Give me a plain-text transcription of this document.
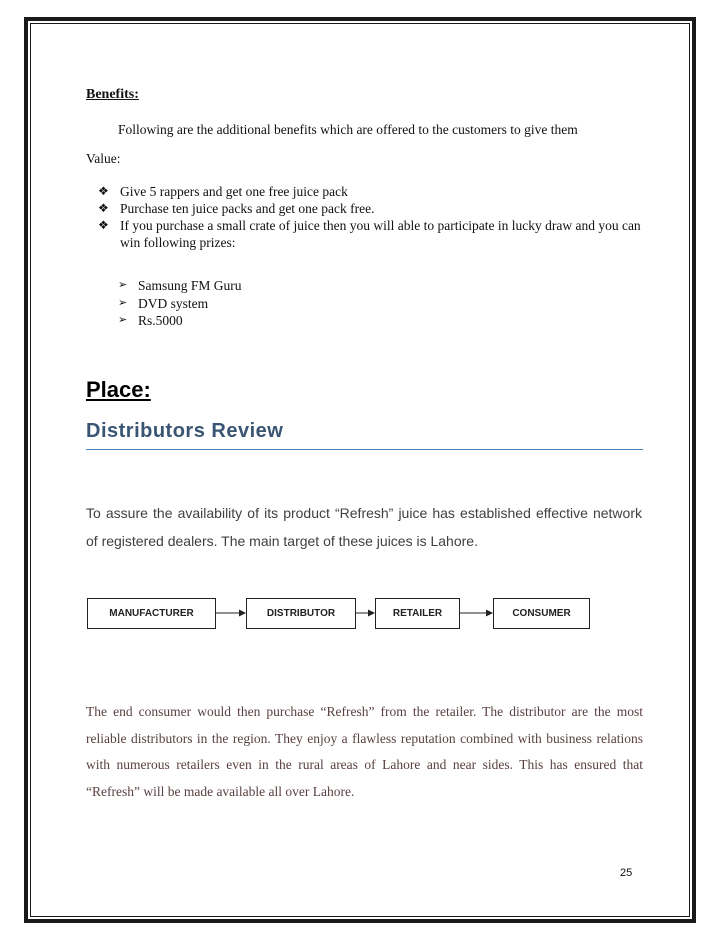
Benefits:
Following are the additional benefits which are offered to the customers to give them
Value:
❖ Give 5 rappers and get one free juice pack
❖ Purchase ten juice packs and get one pack free.
❖ If you purchase a small crate of juice then you will able to participate in lucky draw and you can win following prizes:
➢ Samsung FM Guru
➢ DVD system
➢ Rs.5000
Place:
Distributors Review
To assure the availability of its product “Refresh” juice has established effective network of registered dealers. The main target of these juices is Lahore.
MANUFACTURER	DISTRIBUTOR	RETAILER	CONSUMER
The end consumer would then purchase “Refresh” from the retailer. The distributor are the most reliable distributors in the region. They enjoy a flawless reputation combined with business relations with numerous retailers even in the rural areas of Lahore and near sides. This has ensured that “Refresh” will be made available all over Lahore.
25
